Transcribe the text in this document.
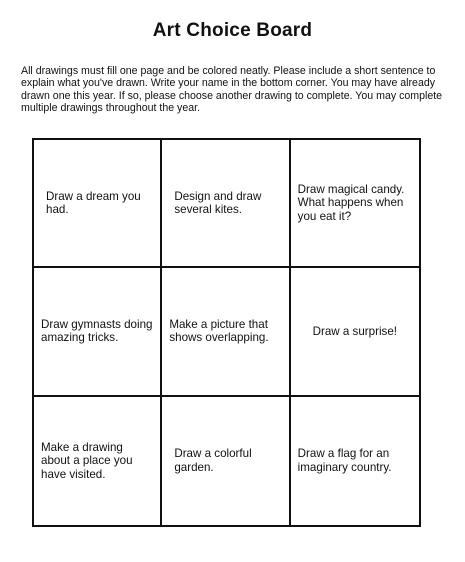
Art Choice Board
All drawings must fill one page and be colored neatly. Please include a short sentence to explain what you've drawn. Write your name in the bottom corner. You may have already drawn one this year. If so, please choose another drawing to complete. You may complete multiple drawings throughout the year.
Draw a dream you had.
Design and draw several kites.
Draw magical candy. What happens when you eat it?
Draw gymnasts doing amazing tricks.
Make a picture that shows overlapping.
Draw a surprise!
Make a drawing about a place you have visited.
Draw a colorful garden.
Draw a flag for an imaginary country.
